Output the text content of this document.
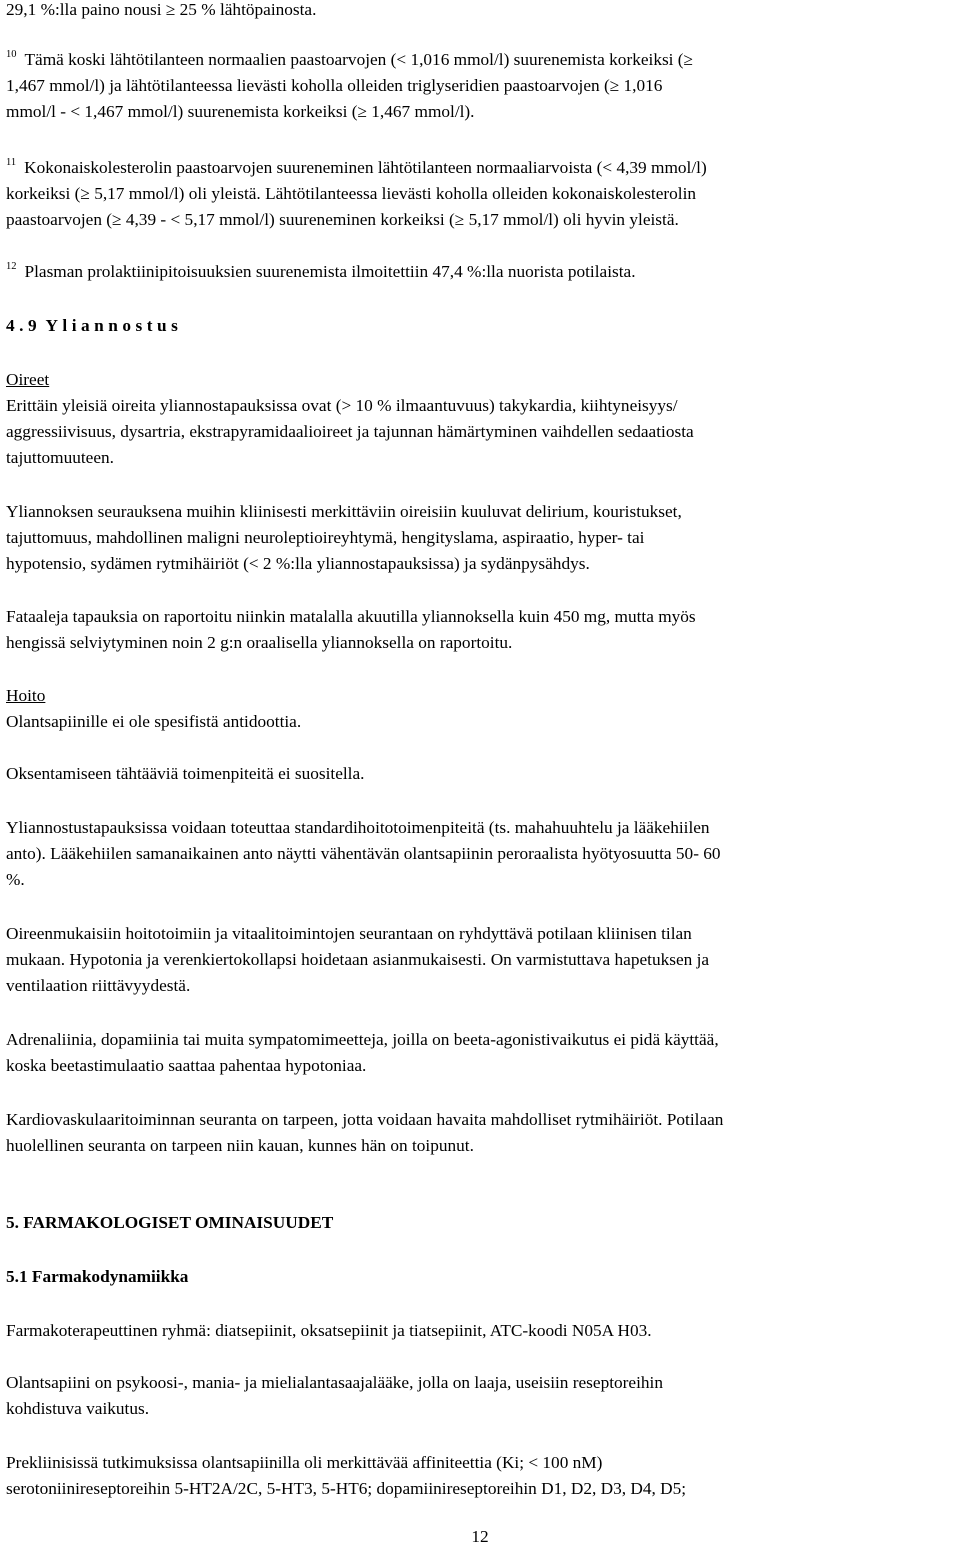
29,1 %:lla paino nousi ≥ 25 % lähtöpainosta.

$^{10}$ Tämä koski lähtötilanteen normaalien paastoarvojen (< 1,016 mmol/l) suurenemista korkeiksi (≥
1,467 mmol/l) ja lähtötilanteessa lievästi koholla olleiden triglyseridien paastoarvojen (≥ 1,016
mmol/l - < 1,467 mmol/l) suurenemista korkeiksi (≥ 1,467 mmol/l).

$^{11}$ Kokonaiskolesterolin paastoarvojen suureneminen lähtötilanteen normaaliarvoista (< 4,39 mmol/l)
korkeiksi (≥ 5,17 mmol/l) oli yleistä. Lähtötilanteessa lievästi koholla olleiden kokonaiskolesterolin
paastoarvojen (≥ 4,39 - < 5,17 mmol/l) suureneminen korkeiksi (≥ 5,17 mmol/l) oli hyvin yleistä.

$^{12}$ Plasman prolaktiinipitoisuuksien suurenemista ilmoitettiin 47,4 %:lla nuorista potilaista.

4.9 Yliannostus

Oireet

Erittäin yleisiä oireita yliannostapauksissa ovat (> 10 % ilmaantuvuus) takykardia, kiihtyneisyys/
aggressiivisuus, dysartria, ekstrapyramidaalioireet ja tajunnan hämärtyminen vaihdellen sedaatiosta
tajuttomuuteen.

Yliannoksen seurauksena muihin kliinisesti merkittäviin oireisiin kuuluvat delirium, kouristukset,
tajuttomuus, mahdollinen maligni neuroleptioireyhtymä, hengityslama, aspiraatio, hyper- tai
hypotensio, sydämen rytmihäiriöt (< 2 %:lla yliannostapauksissa) ja sydänpysähdys.

Fataaleja tapauksia on raportoitu niinkin matalalla akuutilla yliannoksella kuin 450 mg, mutta myös
hengissä selviytyminen noin 2 g:n oraalisella yliannoksella on raportoitu.

Hoito

Olantsapiinille ei ole spesifistä antidoottia.

Oksentamiseen tähtääviä toimenpiteitä ei suositella.

Yliannostustapauksissa voidaan toteuttaa standardihoitotoimenpiteitä (ts. mahahuuhtelu ja lääkehiilen
anto). Lääkehiilen samanaikainen anto näytti vähentävän olantsapiinin peroraalista hyötyosuutta 50- 60
%.

Oireenmukaisiin hoitotoimiin ja vitaalitoimintojen seurantaan on ryhdyttävä potilaan kliinisen tilan
mukaan. Hypotonia ja verenkiertokollapsi hoidetaan asianmukaisesti. On varmistuttava hapetuksen ja
ventilaation riittävyydestä.

Adrenaliinia, dopamiinia tai muita sympatomimeetteja, joilla on beeta-agonistivaikutus ei pidä käyttää,
koska beetastimulaatio saattaa pahentaa hypotoniaa.

Kardiovaskulaaritoiminnan seuranta on tarpeen, jotta voidaan havaita mahdolliset rytmihäiriöt. Potilaan
huolellinen seuranta on tarpeen niin kauan, kunnes hän on toipunut.

5. FARMAKOLOGISET OMINAISUUDET

5.1 Farmakodynamiikka

Farmakoterapeuttinen ryhmä: diatsepiinit, oksatsepiinit ja tiatsepiinit, ATC-koodi N05A H03.

Olantsapiini on psykoosi-, mania- ja mielialantasaajalääke, jolla on laaja, useisiin reseptoreihin
kohdistuva vaikutus.

Prekliinisissä tutkimuksissa olantsapiinilla oli merkittävää affiniteettia (Ki; < 100 nM)
serotoniinireseptoreihin 5-HT2A/2C, 5-HT3, 5-HT6; dopamiinireseptoreihin D1, D2, D3, D4, D5;

12
